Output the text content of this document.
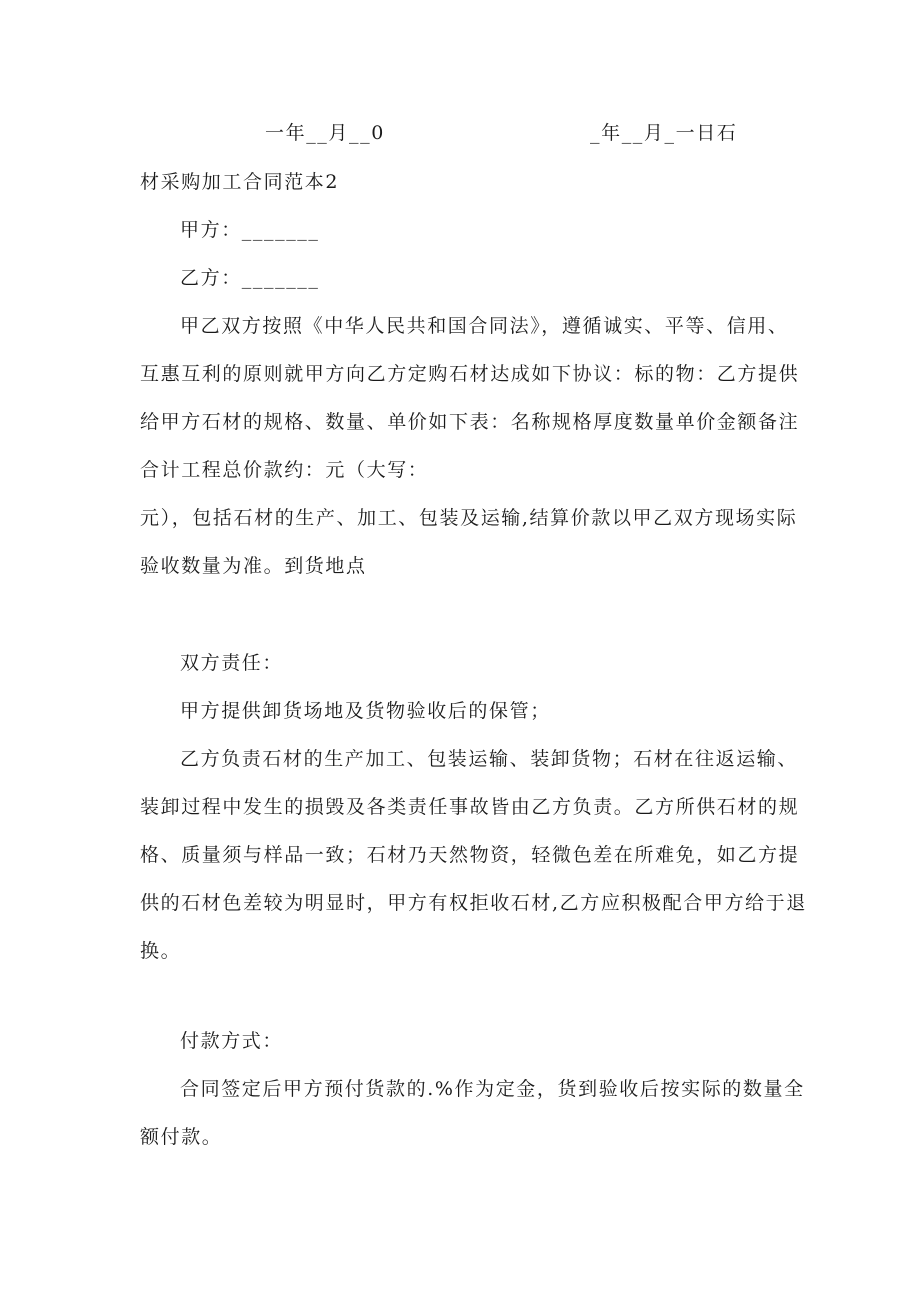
一年__月__0	_年__月_一日石
材采购加工合同范本2
甲方：_______
乙方：_______
甲乙双方按照《中华人民共和国合同法》，遵循诚实、平等、信用、
互惠互利的原则就甲方向乙方定购石材达成如下协议：标的物：乙方提供
给甲方石材的规格、数量、单价如下表：名称规格厚度数量单价金额备注
合计工程总价款约：元（大写：
元），包括石材的生产、加工、包装及运输,结算价款以甲乙双方现场实际
验收数量为准。到货地点
双方责任：
甲方提供卸货场地及货物验收后的保管；
乙方负责石材的生产加工、包装运输、装卸货物；石材在往返运输、
装卸过程中发生的损毁及各类责任事故皆由乙方负责。乙方所供石材的规
格、质量须与样品一致；石材乃天然物资，轻微色差在所难免，如乙方提
供的石材色差较为明显时，甲方有权拒收石材,乙方应积极配合甲方给于退
换。
付款方式：
合同签定后甲方预付货款的.%作为定金，货到验收后按实际的数量全
额付款。
